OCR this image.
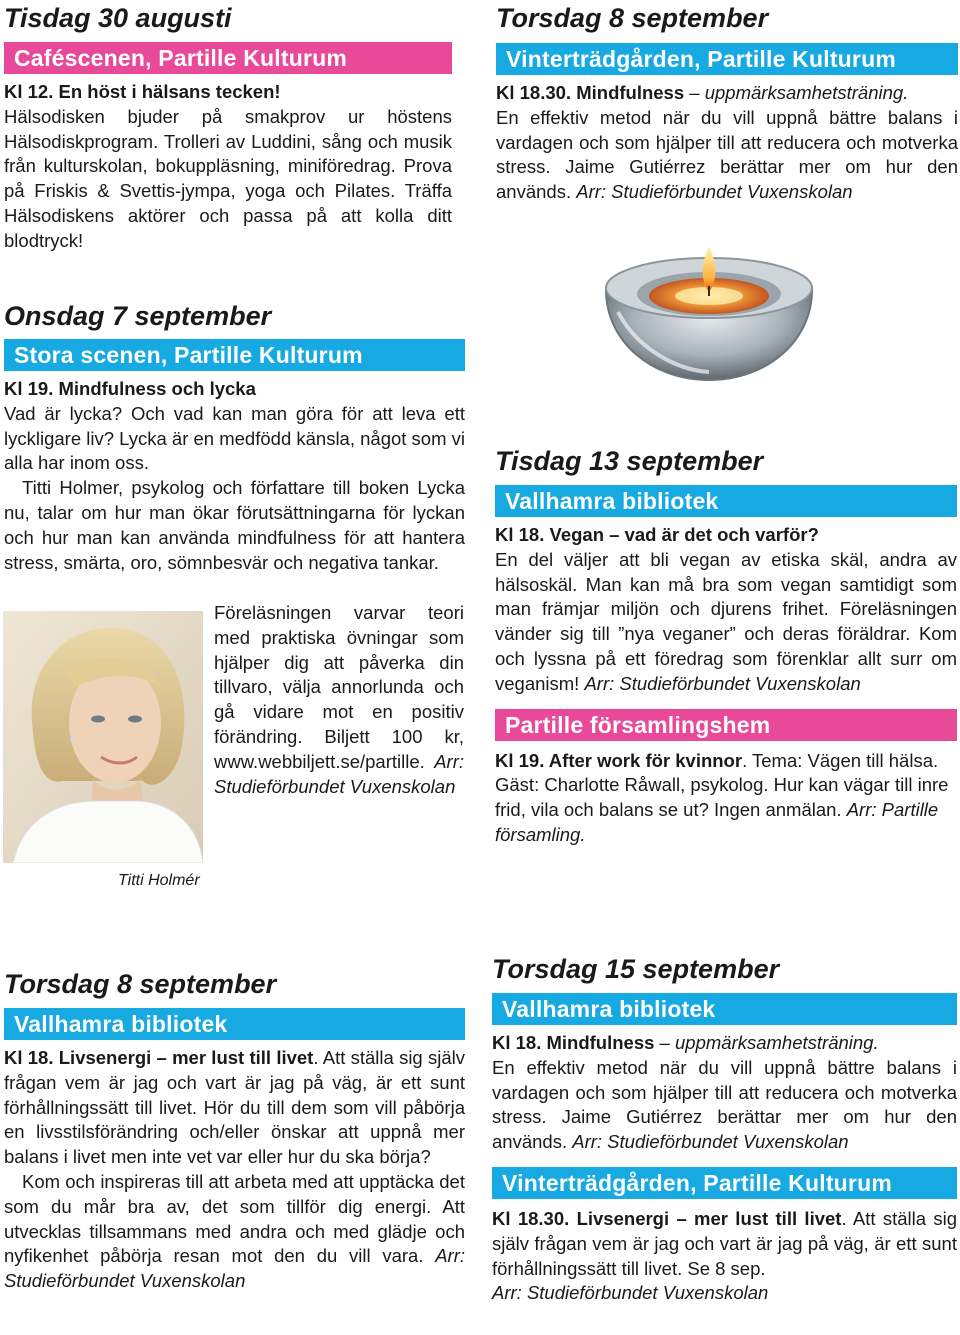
Tisdag 30 augusti
Caféscenen, Partille Kulturum

Kl 12. En höst i hälsans tecken!
Hälsodisken bjuder på smakprov ur höstens Hälsodiskprogram. Trolleri av Luddini, sång och musik från kulturskolan, bokuppläsning, miniföredrag. Prova på Friskis & Svettis-jympa, yoga och Pilates. Träffa Hälsodiskens aktörer och passa på att kolla ditt blodtryck!

Torsdag 8 september
Vinterträdgården, Partille Kulturum

Kl 18.30. Mindfulness – uppmärksamhetsträning.
En effektiv metod när du vill uppnå bättre balans i vardagen och som hjälper till att reducera och motverka stress. Jaime Gutiérrez berättar mer om hur den används. Arr: Studieförbundet Vuxenskolan

Onsdag 7 september
Stora scenen, Partille Kulturum

Kl 19. Mindfulness och lycka
Vad är lycka? Och vad kan man göra för att leva ett lyckligare liv? Lycka är en medfödd känsla, något som vi alla har inom oss.
Titti Holmer, psykolog och författare till boken Lycka nu, talar om hur man ökar förutsättningarna för lyckan och hur man kan använda mindfulness för att hantera stress, smärta, oro, sömnbesvär och negativa tankar.

Titti Holmér

Föreläsningen varvar teori med praktiska övningar som hjälper dig att påverka din tillvaro, välja annorlunda och gå vidare mot en positiv förändring. Biljett 100 kr, www.webbiljett.se/partille. Arr: Studieförbundet Vuxenskolan

Tisdag 13 september
Vallhamra bibliotek

Kl 18. Vegan – vad är det och varför?
En del väljer att bli vegan av etiska skäl, andra av hälsoskäl. Man kan må bra som vegan samtidigt som man främjar miljön och djurens frihet. Föreläsningen vänder sig till ”nya veganer” och deras föräldrar. Kom och lyssna på ett föredrag som förenklar allt surr om veganism! Arr: Studieförbundet Vuxenskolan

Partille församlingshem

Kl 19. After work för kvinnor. Tema: Vägen till hälsa. Gäst: Charlotte Råwall, psykolog. Hur kan vägar till inre frid, vila och balans se ut? Ingen anmälan. Arr: Partille församling.

Torsdag 8 september
Vallhamra bibliotek

Kl 18. Livsenergi – mer lust till livet. Att ställa sig själv frågan vem är jag och vart är jag på väg, är ett sunt förhållningssätt till livet. Hör du till dem som vill påbörja en livsstilsförändring och/eller önskar att uppnå mer balans i livet men inte vet var eller hur du ska börja?
Kom och inspireras till att arbeta med att upptäcka det som du mår bra av, det som tillför dig energi. Att utvecklas tillsammans med andra och med glädje och nyfikenhet påbörja resan mot den du vill vara. Arr: Studieförbundet Vuxenskolan

Torsdag 15 september
Vallhamra bibliotek

Kl 18. Mindfulness – uppmärksamhetsträning.
En effektiv metod när du vill uppnå bättre balans i vardagen och som hjälper till att reducera och motverka stress. Jaime Gutiérrez berättar mer om hur den används. Arr: Studieförbundet Vuxenskolan

Vinterträdgården, Partille Kulturum

Kl 18.30. Livsenergi – mer lust till livet. Att ställa sig själv frågan vem är jag och vart är jag på väg, är ett sunt förhållningssätt till livet. Se 8 sep.
Arr: Studieförbundet Vuxenskolan
